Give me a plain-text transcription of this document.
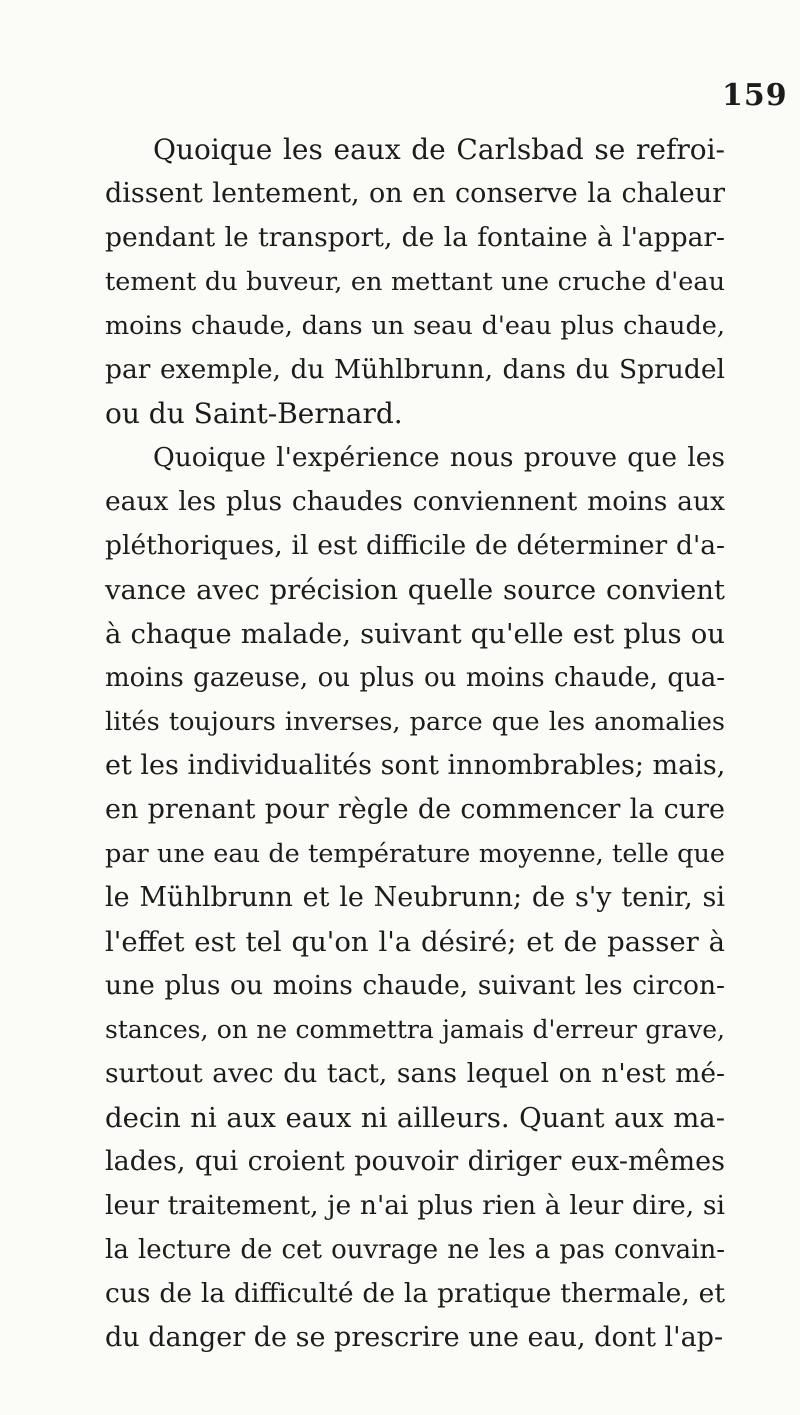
159
Quoique les eaux de Carlsbad se refroi-
dissent lentement, on en conserve la chaleur
pendant le transport, de la fontaine à l'appar-
tement du buveur, en mettant une cruche d'eau
moins chaude, dans un seau d'eau plus chaude,
par exemple, du Mühlbrunn, dans du Sprudel
ou du Saint-Bernard.
Quoique l'expérience nous prouve que les
eaux les plus chaudes conviennent moins aux
pléthoriques, il est difficile de déterminer d'a-
vance avec précision quelle source convient
à chaque malade, suivant qu'elle est plus ou
moins gazeuse, ou plus ou moins chaude, qua-
lités toujours inverses, parce que les anomalies
et les individualités sont innombrables; mais,
en prenant pour règle de commencer la cure
par une eau de température moyenne, telle que
le Mühlbrunn et le Neubrunn; de s'y tenir, si
l'effet est tel qu'on l'a désiré; et de passer à
une plus ou moins chaude, suivant les circon-
stances, on ne commettra jamais d'erreur grave,
surtout avec du tact, sans lequel on n'est mé-
decin ni aux eaux ni ailleurs. Quant aux ma-
lades, qui croient pouvoir diriger eux-mêmes
leur traitement, je n'ai plus rien à leur dire, si
la lecture de cet ouvrage ne les a pas convain-
cus de la difficulté de la pratique thermale, et
du danger de se prescrire une eau, dont l'ap-
